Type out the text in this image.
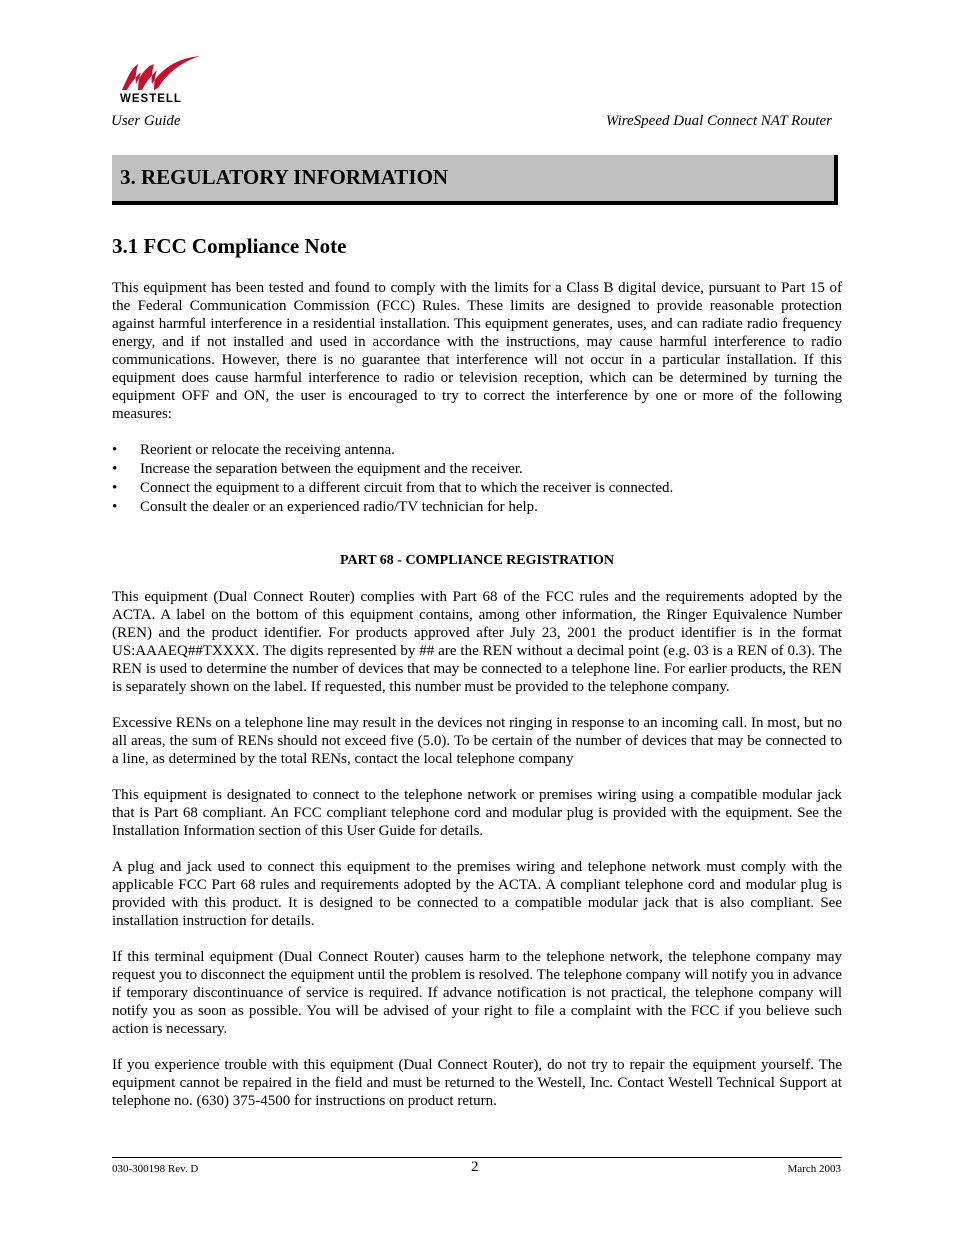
WESTELL
User Guide	WireSpeed Dual Connect NAT Router
3. REGULATORY INFORMATION
3.1 FCC Compliance Note

This equipment has been tested and found to comply with the limits for a Class B digital device, pursuant to Part 15 of the Federal Communication Commission (FCC) Rules. These limits are designed to provide reasonable protection against harmful interference in a residential installation. This equipment generates, uses, and can radiate radio frequency energy, and if not installed and used in accordance with the instructions, may cause harmful interference to radio communications. However, there is no guarantee that interference will not occur in a particular installation. If this equipment does cause harmful interference to radio or television reception, which can be determined by turning the equipment OFF and ON, the user is encouraged to try to correct the interference by one or more of the following measures:

• Reorient or relocate the receiving antenna.
• Increase the separation between the equipment and the receiver.
• Connect the equipment to a different circuit from that to which the receiver is connected.
• Consult the dealer or an experienced radio/TV technician for help.
PART 68 - COMPLIANCE REGISTRATION

This equipment (Dual Connect Router) complies with Part 68 of the FCC rules and the requirements adopted by the ACTA. A label on the bottom of this equipment contains, among other information, the Ringer Equivalence Number (REN) and the product identifier. For products approved after July 23, 2001 the product identifier is in the format US:AAAEQ##TXXXX. The digits represented by ## are the REN without a decimal point (e.g. 03 is a REN of 0.3). The REN is used to determine the number of devices that may be connected to a telephone line. For earlier products, the REN is separately shown on the label. If requested, this number must be provided to the telephone company.

Excessive RENs on a telephone line may result in the devices not ringing in response to an incoming call. In most, but no all areas, the sum of RENs should not exceed five (5.0). To be certain of the number of devices that may be connected to a line, as determined by the total RENs, contact the local telephone company

This equipment is designated to connect to the telephone network or premises wiring using a compatible modular jack that is Part 68 compliant. An FCC compliant telephone cord and modular plug is provided with the equipment. See the Installation Information section of this User Guide for details.

A plug and jack used to connect this equipment to the premises wiring and telephone network must comply with the applicable FCC Part 68 rules and requirements adopted by the ACTA. A compliant telephone cord and modular plug is provided with this product. It is designed to be connected to a compatible modular jack that is also compliant. See installation instruction for details.

If this terminal equipment (Dual Connect Router) causes harm to the telephone network, the telephone company may request you to disconnect the equipment until the problem is resolved. The telephone company will notify you in advance if temporary discontinuance of service is required. If advance notification is not practical, the telephone company will notify you as soon as possible. You will be advised of your right to file a complaint with the FCC if you believe such action is necessary.

If you experience trouble with this equipment (Dual Connect Router), do not try to repair the equipment yourself. The equipment cannot be repaired in the field and must be returned to the Westell, Inc. Contact Westell Technical Support at telephone no. (630) 375-4500 for instructions on product return.

030-300198 Rev. D	2	March 2003
